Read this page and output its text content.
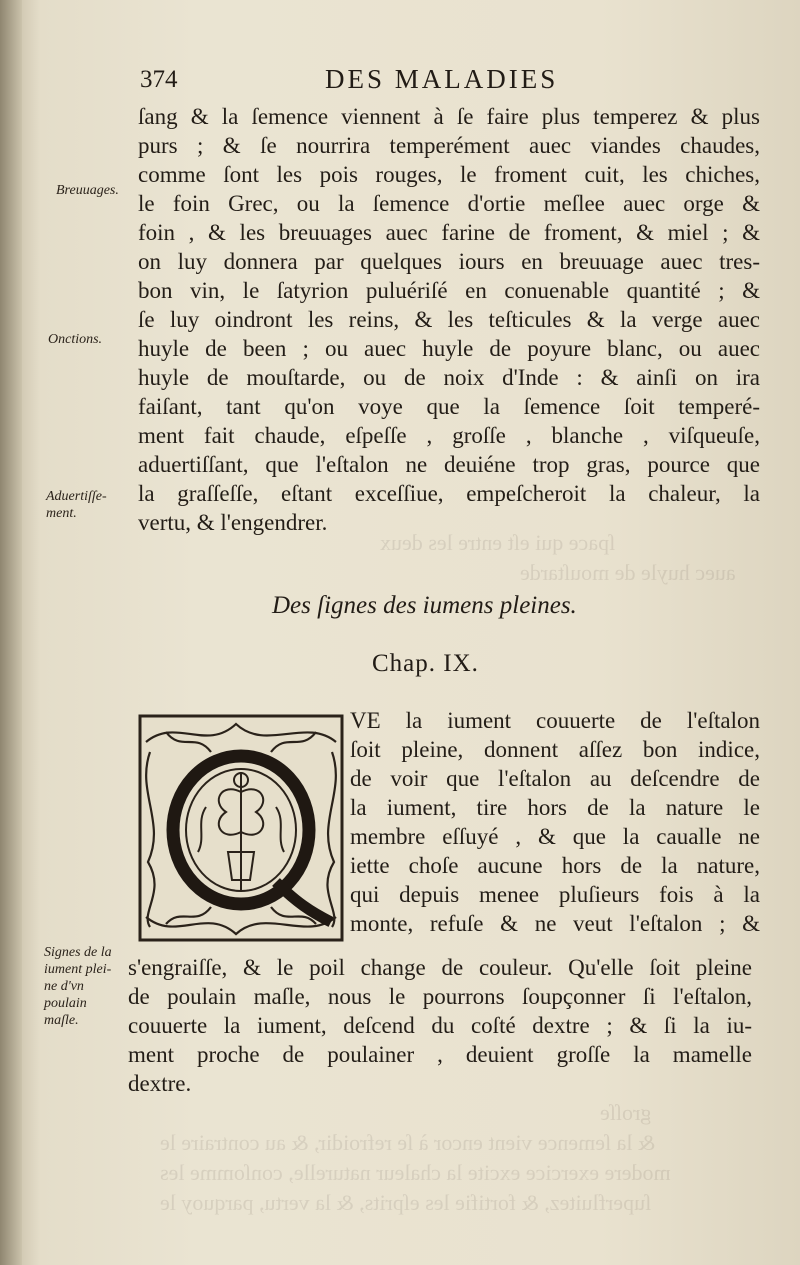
ſpace qui eſt entre les deux
auec huyle de mouſtarde
groſſe
& la ſemence vient encor à ſe refroidir, & au contraire le
modere exercice excite la chaleur naturelle, conſomme les
ſuperfluitez, & fortifie les eſprits, & la vertu, parquoy le
374	DES MALADIES
ſang & la ſemence viennent à ſe faire plus temperez & plus
purs ; & ſe nourrira temperément auec viandes chaudes,
comme ſont les pois rouges, le froment cuit, les chiches,
le foin Grec, ou la ſemence d'ortie meſlee auec orge &
foin , & les breuuages auec farine de froment, & miel ; &
on luy donnera par quelques iours en breuuage auec tres-
bon vin, le ſatyrion puluériſé en conuenable quantité ; &
ſe luy oindront les reins, & les teſticules & la verge auec
huyle de been ; ou auec huyle de poyure blanc, ou auec
huyle de mouſtarde, ou de noix d'Inde : & ainſi on ira
faiſant, tant qu'on voye que la ſemence ſoit temperé-
ment fait chaude, eſpeſſe , groſſe , blanche , viſqueuſe,
aduertiſſant, que l'eſtalon ne deuiéne trop gras, pource que
la graſſeſſe, eſtant exceſſiue, empeſcheroit la chaleur, la
vertu, & l'engendrer.
Breuuages.
Onctions.
Aduertiſſe-
ment.
Signes de la
iument plei-
ne d'vn
poulain
maſle.
Des ſignes des iumens pleines.
Chap. IX.
VE la iument couuerte de l'eſtalon
ſoit pleine, donnent aſſez bon indice,
de voir que l'eſtalon au deſcendre de
la iument, tire hors de la nature le
membre eſſuyé , & que la caualle ne
iette choſe aucune hors de la nature,
qui depuis menee pluſieurs fois à la
monte, refuſe & ne veut l'eſtalon ; &
s'engraiſſe, & le poil change de couleur. Qu'elle ſoit pleine
de poulain maſle, nous le pourrons ſoupçonner ſi l'eſtalon,
couuerte la iument, deſcend du coſté dextre ; & ſi la iu-
ment proche de poulainer , deuient groſſe la mamelle
dextre.
